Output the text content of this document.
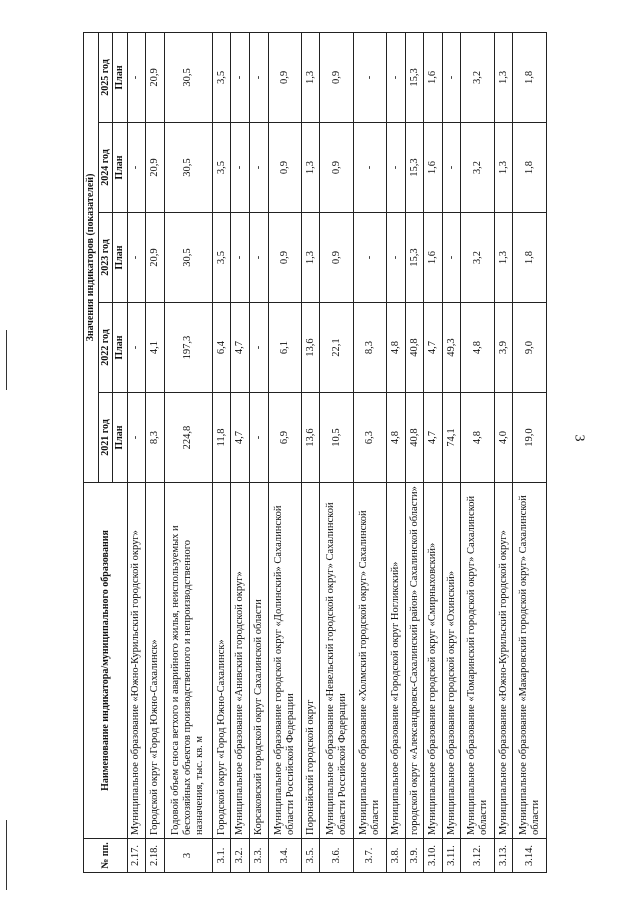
3
№ пп.	Наименование индикатора/муниципального образования	Значения индикаторов (показателей)				
		2021 год	2022 год	2023 год	2024 год	2025 год
		План	План	План	План	План
2.17.	Муниципальное образование «Южно-Курильский городской округ»	-	-	-	-	-
2.18.	Городской округ «Город Южно-Сахалинск»	8,3	4,1	20,9	20,9	20,9
3	Годовой объем сноса ветхого и аварийного жилья, неиспользуемых и бесхозяйных объектов производственного и непроизводственного назначения, тыс. кв. м	224,8	197,3	30,5	30,5	30,5
3.1.	Городской округ «Город Южно-Сахалинск»	11,8	6,4	3,5	3,5	3,5
3.2.	Муниципальное образование «Анивский городской округ»	4,7	4,7	-	-	-
3.3.	Корсаковский городской округ Сахалинской области	-	-	-	-	-
3.4.	Муниципальное образование городской округ «Долинский» Сахалинской области Российской Федерации	6,9	6,1	0,9	0,9	0,9
3.5.	Поронайский городской округ	13,6	13,6	1,3	1,3	1,3
3.6.	Муниципальное образование «Невельский городской округ» Сахалинской области Российской Федерации	10,5	22,1	0,9	0,9	0,9
3.7.	Муниципальное образование «Холмский городской округ» Сахалинской области	6,3	8,3	-	-	-
3.8.	Муниципальное образование «Городской округ Ногликский»	4,8	4,8	-	-	-
3.9.	городской округ «Александровск-Сахалинский район» Сахалинской области»	40,8	40,8	15,3	15,3	15,3
3.10.	Муниципальное образование городской округ «Смирныховский»	4,7	4,7	1,6	1,6	1,6
3.11.	Муниципальное образование городской округ «Охинский»	74,1	49,3	-	-	-
3.12.	Муниципальное образование «Томаринский городской округ» Сахалинской области	4,8	4,8	3,2	3,2	3,2
3.13.	Муниципальное образование «Южно-Курильский городской округ»	4,0	3,9	1,3	1,3	1,3
3.14.	Муниципальное образование «Макаровский городской округ» Сахалинской области	19,0	9,0	1,8	1,8	1,8
